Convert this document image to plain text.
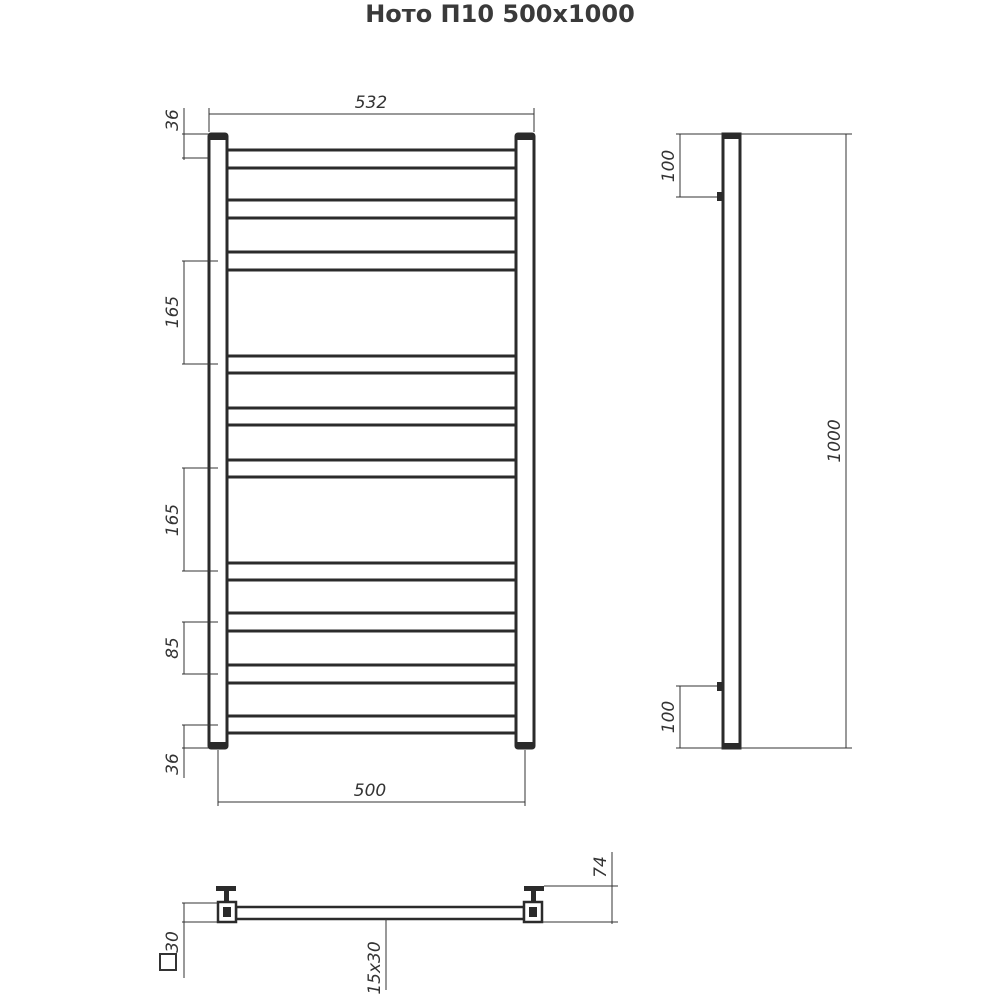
Ното П10 500х1000
532
500
36
165
165
85
36
1000
100
100
74
30	15х30
